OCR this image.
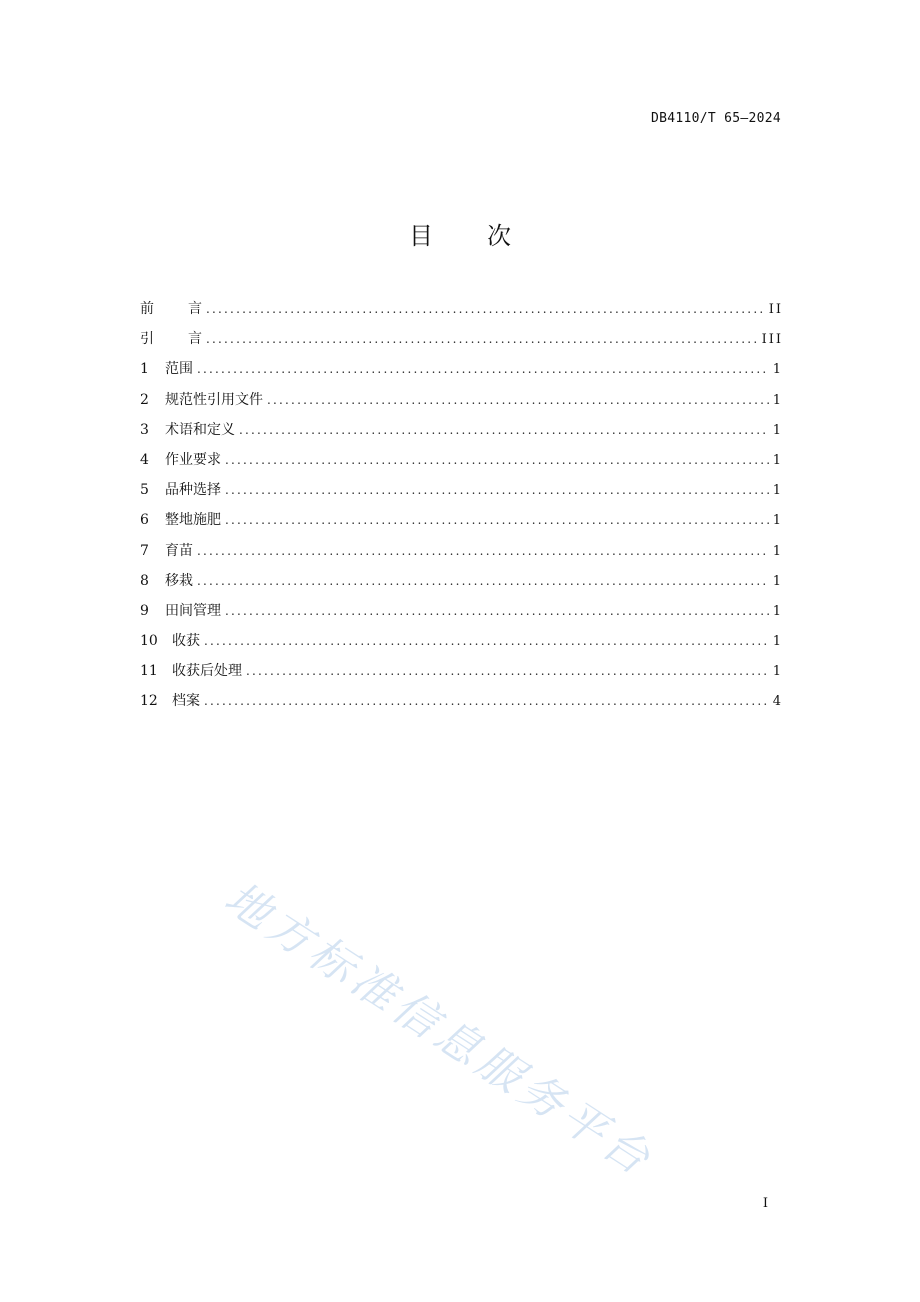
DB4110/T 65—2024
目 次
前 言 .....	II
引 言 .....	III
1	范围 .....	1
2	规范性引用文件 .....	1
3	术语和定义 .....	1
4	作业要求 .....	1
5	品种选择 .....	1
6	整地施肥 .....	1
7	育苗 .....	1
8	移栽 .....	1
9	田间管理 .....	1
10	收获 .....	1
11	收获后处理 .....	1
12	档案 .....	4
地方标准信息服务平台
I
